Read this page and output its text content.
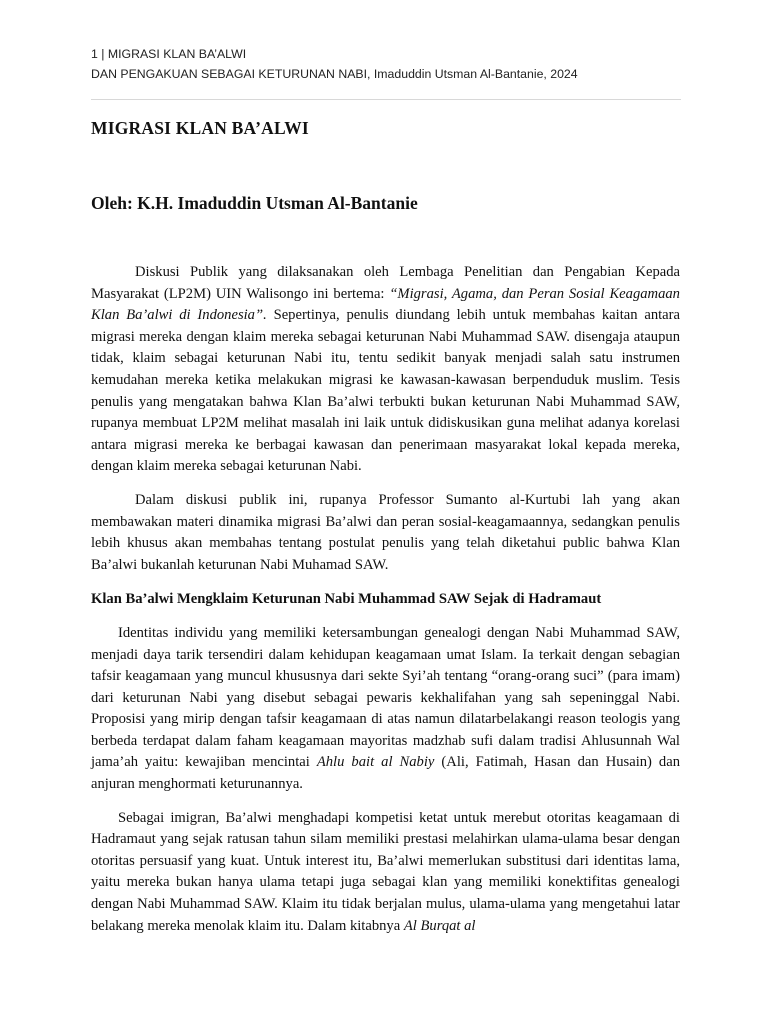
1 | MIGRASI KLAN BA’ALWI
DAN PENGAKUAN SEBAGAI KETURUNAN NABI, Imaduddin Utsman Al-Bantanie, 2024
MIGRASI KLAN BA’ALWI
Oleh: K.H. Imaduddin Utsman Al-Bantanie

Diskusi Publik yang dilaksanakan oleh Lembaga Penelitian dan Pengabian Kepada Masyarakat (LP2M) UIN Walisongo ini bertema: “Migrasi, Agama, dan Peran Sosial Keagamaan Klan Ba’alwi di Indonesia”. Sepertinya, penulis diundang lebih untuk membahas kaitan antara migrasi mereka dengan klaim mereka sebagai keturunan Nabi Muhammad SAW. disengaja ataupun tidak, klaim sebagai keturunan Nabi itu, tentu sedikit banyak menjadi salah satu instrumen kemudahan mereka ketika melakukan migrasi ke kawasan-kawasan berpenduduk muslim. Tesis penulis yang mengatakan bahwa Klan Ba’alwi terbukti bukan keturunan Nabi Muhammad SAW, rupanya membuat LP2M melihat masalah ini laik untuk didiskusikan guna melihat adanya korelasi antara migrasi mereka ke berbagai kawasan dan penerimaan masyarakat lokal kepada mereka, dengan klaim mereka sebagai keturunan Nabi.

Dalam diskusi publik ini, rupanya Professor Sumanto al-Kurtubi lah yang akan membawakan materi dinamika migrasi Ba’alwi dan peran sosial-keagamaannya, sedangkan penulis lebih khusus akan membahas tentang postulat penulis yang telah diketahui public bahwa Klan Ba’alwi bukanlah keturunan Nabi Muhamad SAW.

Klan Ba’alwi Mengklaim Keturunan Nabi Muhammad SAW Sejak di Hadramaut

Identitas individu yang memiliki ketersambungan genealogi dengan Nabi Muhammad SAW, menjadi daya tarik tersendiri dalam kehidupan keagamaan umat Islam. Ia terkait dengan sebagian tafsir keagamaan yang muncul khususnya dari sekte Syi’ah tentang “orang-orang suci” (para imam) dari keturunan Nabi yang disebut sebagai pewaris kekhalifahan yang sah sepeninggal Nabi. Proposisi yang mirip dengan tafsir keagamaan di atas namun dilatarbelakangi reason teologis yang berbeda terdapat dalam faham keagamaan mayoritas madzhab sufi dalam tradisi Ahlusunnah Wal jama’ah yaitu: kewajiban mencintai Ahlu bait al Nabiy (Ali, Fatimah, Hasan dan Husain) dan anjuran menghormati keturunannya.

Sebagai imigran, Ba’alwi menghadapi kompetisi ketat untuk merebut otoritas keagamaan di Hadramaut yang sejak ratusan tahun silam memiliki prestasi melahirkan ulama-ulama besar dengan otoritas persuasif yang kuat. Untuk interest itu, Ba’alwi memerlukan substitusi dari identitas lama, yaitu mereka bukan hanya ulama tetapi juga sebagai klan yang memiliki konektifitas genealogi dengan Nabi Muhammad SAW. Klaim itu tidak berjalan mulus, ulama-ulama yang mengetahui latar belakang mereka menolak klaim itu. Dalam kitabnya Al Burqat al
